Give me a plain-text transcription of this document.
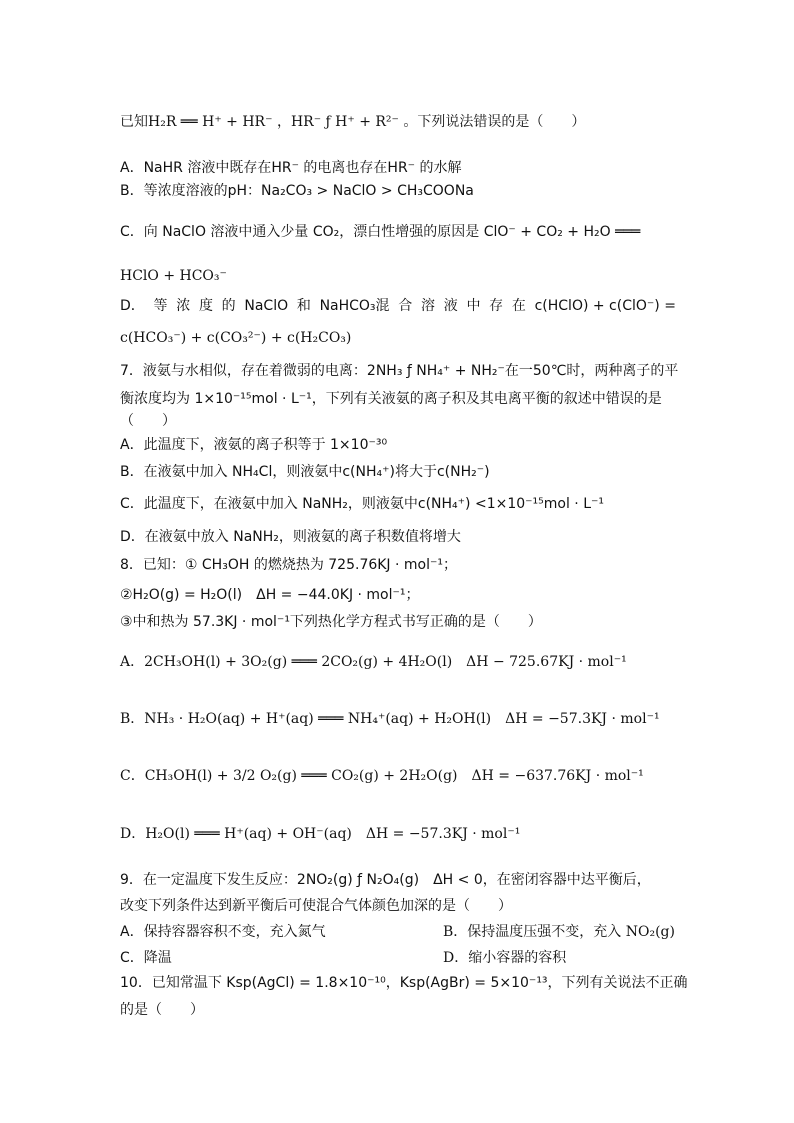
已知H₂R ══ H⁺ + HR⁻ ，HR⁻ ƒ H⁺ + R²⁻ 。下列说法错误的是（　　）
A．NaHR 溶液中既存在HR⁻ 的电离也存在HR⁻ 的水解
B．等浓度溶液的pH：Na₂CO₃ > NaClO > CH₃COONa
C．向 NaClO 溶液中通入少量 CO₂，漂白性增强的原因是 ClO⁻ + CO₂ + H₂O ═══
HClO + HCO₃⁻
D． 等 浓 度 的 NaClO 和 NaHCO₃混 合 溶 液 中 存 在 c(HClO) + c(ClO⁻) =
c(HCO₃⁻) + c(CO₃²⁻) + c(H₂CO₃)
7．液氨与水相似，存在着微弱的电离：2NH₃ ƒ NH₄⁺ + NH₂⁻在一50℃时，两种离子的平
衡浓度均为 1×10⁻¹⁵mol · L⁻¹，下列有关液氨的离子积及其电离平衡的叙述中错误的是
（　　）
A．此温度下，液氨的离子积等于 1×10⁻³⁰
B．在液氨中加入 NH₄Cl，则液氨中c(NH₄⁺)将大于c(NH₂⁻)
C．此温度下，在液氨中加入 NaNH₂，则液氨中c(NH₄⁺) <1×10⁻¹⁵mol · L⁻¹
D．在液氨中放入 NaNH₂，则液氨的离子积数值将增大
8．已知：① CH₃OH 的燃烧热为 725.76KJ · mol⁻¹；
②H₂O(g) = H₂O(l)　ΔH = −44.0KJ · mol⁻¹；
③中和热为 57.3KJ · mol⁻¹下列热化学方程式书写正确的是（　　）
A．2CH₃OH(l) + 3O₂(g) ═══ 2CO₂(g) + 4H₂O(l)　ΔH − 725.67KJ · mol⁻¹
B．NH₃ · H₂O(aq) + H⁺(aq) ═══ NH₄⁺(aq) + H₂OH(l)　ΔH = −57.3KJ · mol⁻¹
C．CH₃OH(l) + 3/2 O₂(g) ═══ CO₂(g) + 2H₂O(g)　ΔH = −637.76KJ · mol⁻¹
D．H₂O(l) ═══ H⁺(aq) + OH⁻(aq)　ΔH = −57.3KJ · mol⁻¹
9．在一定温度下发生反应：2NO₂(g) ƒ N₂O₄(g)　ΔH < 0，在密闭容器中达平衡后，
改变下列条件达到新平衡后可使混合气体颜色加深的是（　　）
A．保持容器容积不变，充入氮气	B．保持温度压强不变，充入 NO₂(g)
C．降温	D．缩小容器的容积
10．已知常温下 Ksp(AgCl) = 1.8×10⁻¹⁰，Ksp(AgBr) = 5×10⁻¹³，下列有关说法不正确
的是（　　）
